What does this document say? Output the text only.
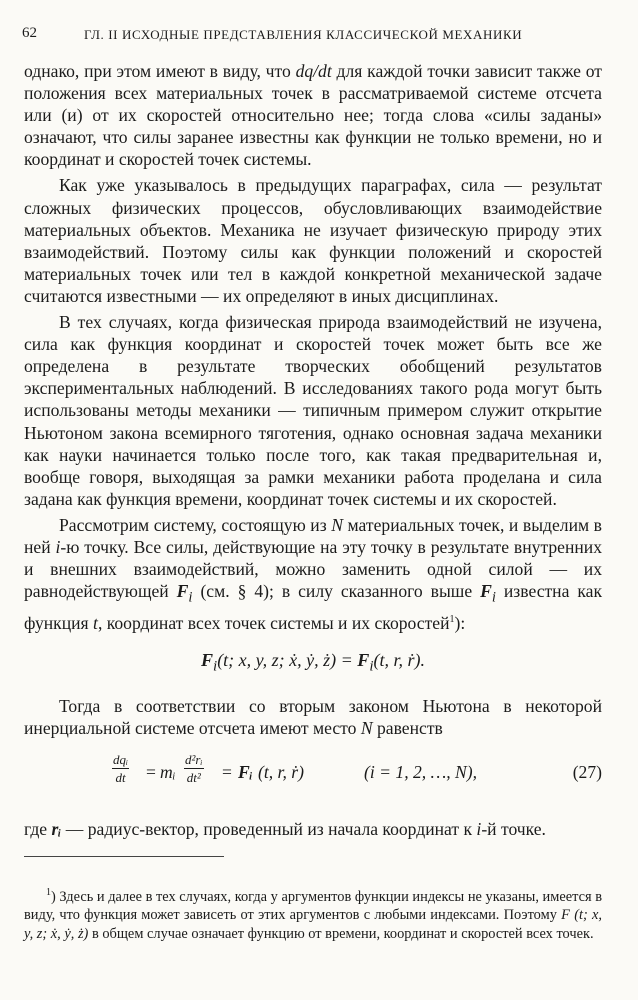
62	ГЛ. II ИСХОДНЫЕ ПРЕДСТАВЛЕНИЯ КЛАССИЧЕСКОЙ МЕХАНИКИ

однако, при этом имеют в виду, что dq/dt для каждой точки зависит также от положения всех материальных точек в рассматриваемой системе отсчета или (и) от их скоростей относительно нее; тогда слова «силы заданы» означают, что силы заранее известны как функции не только времени, но и координат и скоростей точек системы.

Как уже указывалось в предыдущих параграфах, сила — результат сложных физических процессов, обусловливающих взаимодействие материальных объектов. Механика не изучает физическую природу этих взаимодействий. Поэтому силы как функции положений и скоростей материальных точек или тел в каждой конкретной механической задаче считаются известными — их определяют в иных дисциплинах.

В тех случаях, когда физическая природа взаимодействий не изучена, сила как функция координат и скоростей точек может быть все же определена в результате творческих обобщений результатов экспериментальных наблюдений. В исследованиях такого рода могут быть использованы методы механики — типичным примером служит открытие Ньютоном закона всемирного тяготения, однако основная задача механики как науки начинается только после того, как такая предварительная и, вообще говоря, выходящая за рамки механики работа проделана и сила задана как функция времени, координат точек системы и их скоростей.

Рассмотрим систему, состоящую из N материальных точек, и выделим в ней i-ю точку. Все силы, действующие на эту точку в результате внутренних и внешних взаимодействий, можно заменить одной силой — их равнодействующей $F_i$ (см. § 4); в силу сказанного выше $F_i$ известна как функция t, координат всех точек системы и их скоростей$^1$):

$F_i(t$; x, y, z; ẋ, ẏ, ż) = $F_i(t$, r, ṙ).

Тогда в соответствии со вторым законом Ньютона в некоторой инерциальной системе отсчета имеют место N равенств

dqᵢ
dt = mᵢ $\frac{\text{d²rᵢ}}{\text{dt²}}$ = Fᵢ (t, r, ṙ)	(i = 1, 2, …, N),	(27)

где rᵢ — радиус-вектор, проведенный из начала координат к i-й точке.

$^1$) Здесь и далее в тех случаях, когда у аргументов функции индексы не указаны, имеется в виду, что функция может зависеть от этих аргументов с любыми индексами. Поэтому F (t; x, y, z; ẋ, ẏ, ż) в общем случае означает функцию от времени, координат и скоростей всех точек.
